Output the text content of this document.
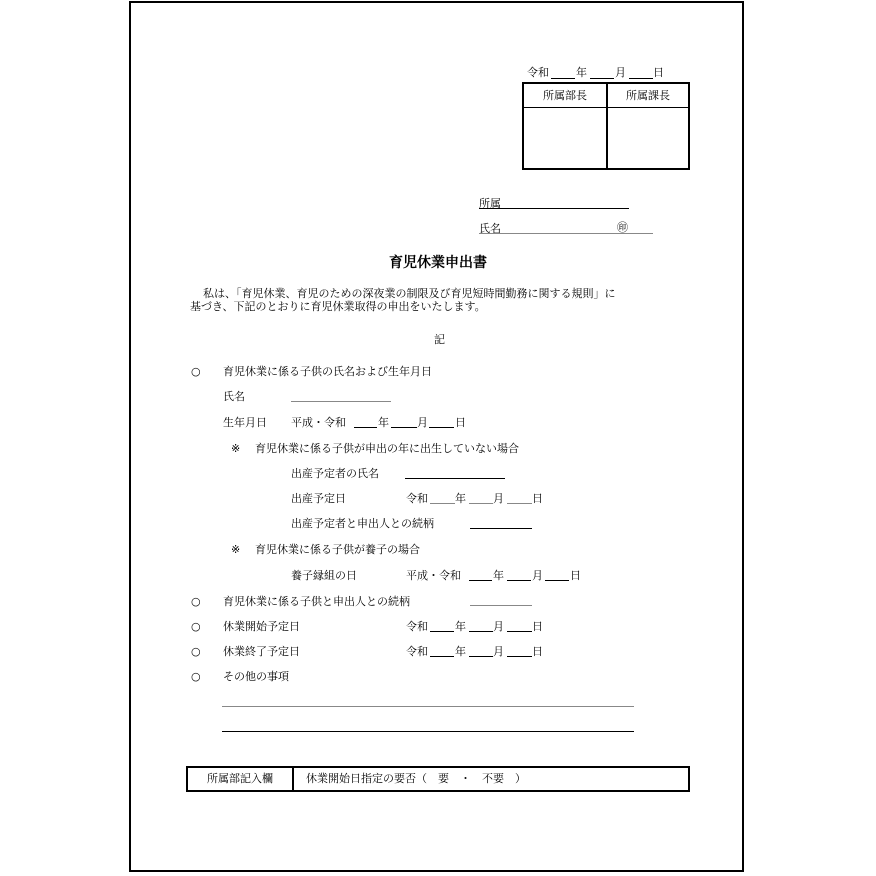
令和 年	月 日
所属部長	所属課長
所属
氏名	㊞
育児休業申出書
私は、「育児休業、育児のための深夜業の制限及び育児短時間勤務に関する規則」に
基づき、下記のとおりに育児休業取得の申出をいたします。
記
○ 育児休業に係る子供の氏名および生年月日
氏名
生年月日 平成・令和	年	月 日
※ 育児休業に係る子供が申出の年に出生していない場合
出産予定者の氏名
出産予定日	令和 年 月	日
出産予定者と申出人との続柄
※ 育児休業に係る子供が養子の場合
養子縁組の日	平成・令和	年	月 日
○ 育児休業に係る子供と申出人との続柄
○ 休業開始予定日	令和 年 月	日
○ 休業終了予定日	令和 年 月	日
○ その他の事項
所属部記入欄	休業開始日指定の要否（　要　・　不要　）
